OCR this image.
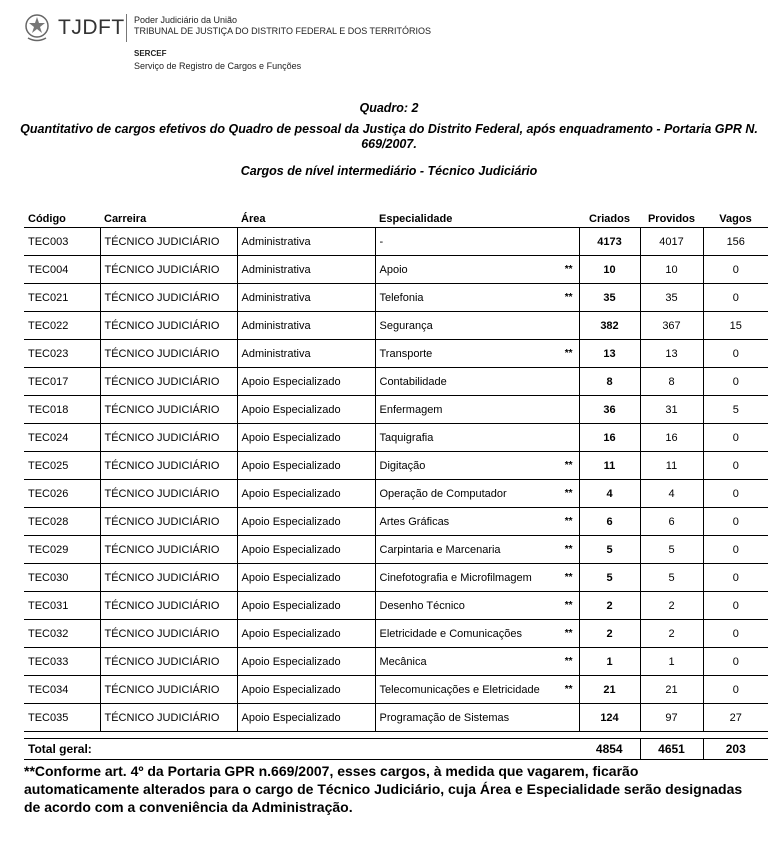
TJDFT Poder Judiciário da União
TRIBUNAL DE JUSTIÇA DO DISTRITO FEDERAL E DOS TERRITÓRIOS
SERCEF
Serviço de Registro de Cargos e Funções
Quadro: 2
Quantitativo de cargos efetivos do Quadro de pessoal da Justiça do Distrito Federal, após enquadramento - Portaria GPR N. 669/2007.
Cargos de nível intermediário - Técnico Judiciário
Código	Carreira	Área	Especialidade		Criados	Providos	Vagos
TEC003	TÉCNICO JUDICIÁRIO	Administrativa	-		4173	4017	156
TEC004	TÉCNICO JUDICIÁRIO	Administrativa	Apoio	**	10	10	0
TEC021	TÉCNICO JUDICIÁRIO	Administrativa	Telefonia	**	35	35	0
TEC022	TÉCNICO JUDICIÁRIO	Administrativa	Segurança		382	367	15
TEC023	TÉCNICO JUDICIÁRIO	Administrativa	Transporte	**	13	13	0
TEC017	TÉCNICO JUDICIÁRIO	Apoio Especializado	Contabilidade		8	8	0
TEC018	TÉCNICO JUDICIÁRIO	Apoio Especializado	Enfermagem		36	31	5
TEC024	TÉCNICO JUDICIÁRIO	Apoio Especializado	Taquigrafia		16	16	0
TEC025	TÉCNICO JUDICIÁRIO	Apoio Especializado	Digitação	**	11	11	0
TEC026	TÉCNICO JUDICIÁRIO	Apoio Especializado	Operação de Computador	**	4	4	0
TEC028	TÉCNICO JUDICIÁRIO	Apoio Especializado	Artes Gráficas	**	6	6	0
TEC029	TÉCNICO JUDICIÁRIO	Apoio Especializado	Carpintaria e Marcenaria	**	5	5	0
TEC030	TÉCNICO JUDICIÁRIO	Apoio Especializado	Cinefotografia e Microfilmagem	**	5	5	0
TEC031	TÉCNICO JUDICIÁRIO	Apoio Especializado	Desenho Técnico	**	2	2	0
TEC032	TÉCNICO JUDICIÁRIO	Apoio Especializado	Eletricidade e Comunicações	**	2	2	0
TEC033	TÉCNICO JUDICIÁRIO	Apoio Especializado	Mecânica	**	1	1	0
TEC034	TÉCNICO JUDICIÁRIO	Apoio Especializado	Telecomunicações e Eletricidade	**	21	21	0
TEC035	TÉCNICO JUDICIÁRIO	Apoio Especializado	Programação de Sistemas		124	97	27

Total geral:					4854	4651	203
**Conforme art. 4º da Portaria GPR n.669/2007, esses cargos, à medida que vagarem, ficarão automaticamente alterados para o cargo de Técnico Judiciário, cuja Área e Especialidade serão designadas de acordo com a conveniência da Administração.
